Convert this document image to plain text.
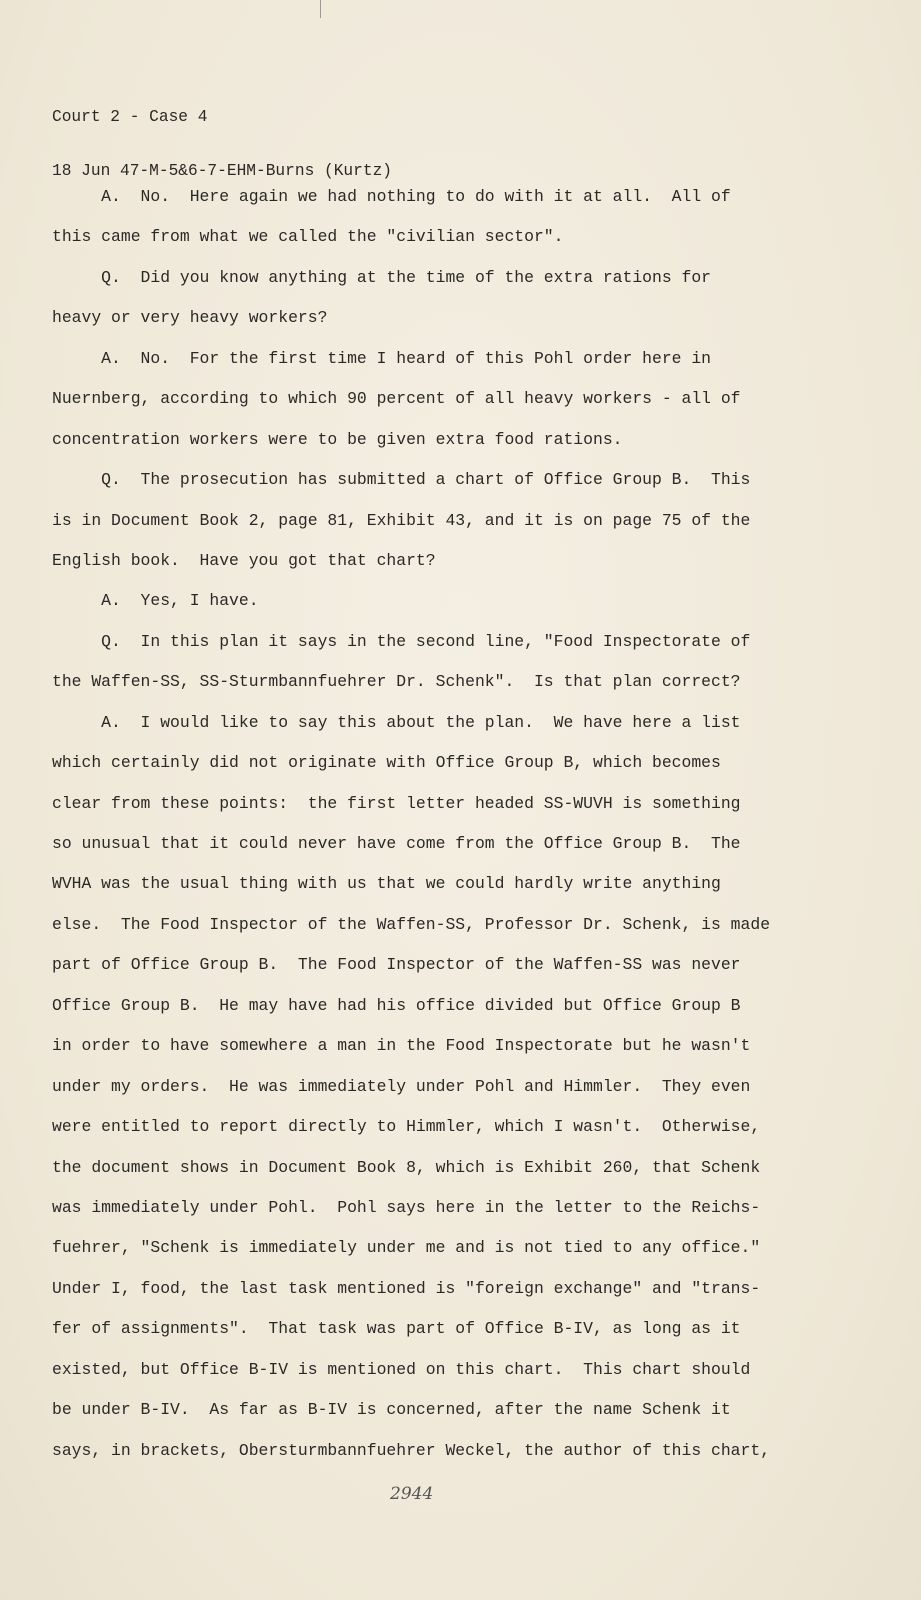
Court 2 - Case 4

18 Jun 47-M-5&6-7-EHM-Burns (Kurtz)

A.  No.  Here again we had nothing to do with it at all.  All of
this came from what we called the "civilian sector".
Q.  Did you know anything at the time of the extra rations for
heavy or very heavy workers?
A.  No.  For the first time I heard of this Pohl order here in
Nuernberg, according to which 90 percent of all heavy workers - all of
concentration workers were to be given extra food rations.
Q.  The prosecution has submitted a chart of Office Group B.  This
is in Document Book 2, page 81, Exhibit 43, and it is on page 75 of the
English book.  Have you got that chart?
A.  Yes, I have.
Q.  In this plan it says in the second line, "Food Inspectorate of
the Waffen-SS, SS-Sturmbannfuehrer Dr. Schenk".  Is that plan correct?
A.  I would like to say this about the plan.  We have here a list
which certainly did not originate with Office Group B, which becomes
clear from these points:  the first letter headed SS-WUVH is something
so unusual that it could never have come from the Office Group B.  The
WVHA was the usual thing with us that we could hardly write anything
else.  The Food Inspector of the Waffen-SS, Professor Dr. Schenk, is made
part of Office Group B.  The Food Inspector of the Waffen-SS was never
Office Group B.  He may have had his office divided but Office Group B
in order to have somewhere a man in the Food Inspectorate but he wasn't
under my orders.  He was immediately under Pohl and Himmler.  They even
were entitled to report directly to Himmler, which I wasn't.  Otherwise,
the document shows in Document Book 8, which is Exhibit 260, that Schenk
was immediately under Pohl.  Pohl says here in the letter to the Reichs-
fuehrer, "Schenk is immediately under me and is not tied to any office."
Under I, food, the last task mentioned is "foreign exchange" and "trans-
fer of assignments".  That task was part of Office B-IV, as long as it
existed, but Office B-IV is mentioned on this chart.  This chart should
be under B-IV.  As far as B-IV is concerned, after the name Schenk it
says, in brackets, Obersturmbannfuehrer Weckel, the author of this chart,
2944
